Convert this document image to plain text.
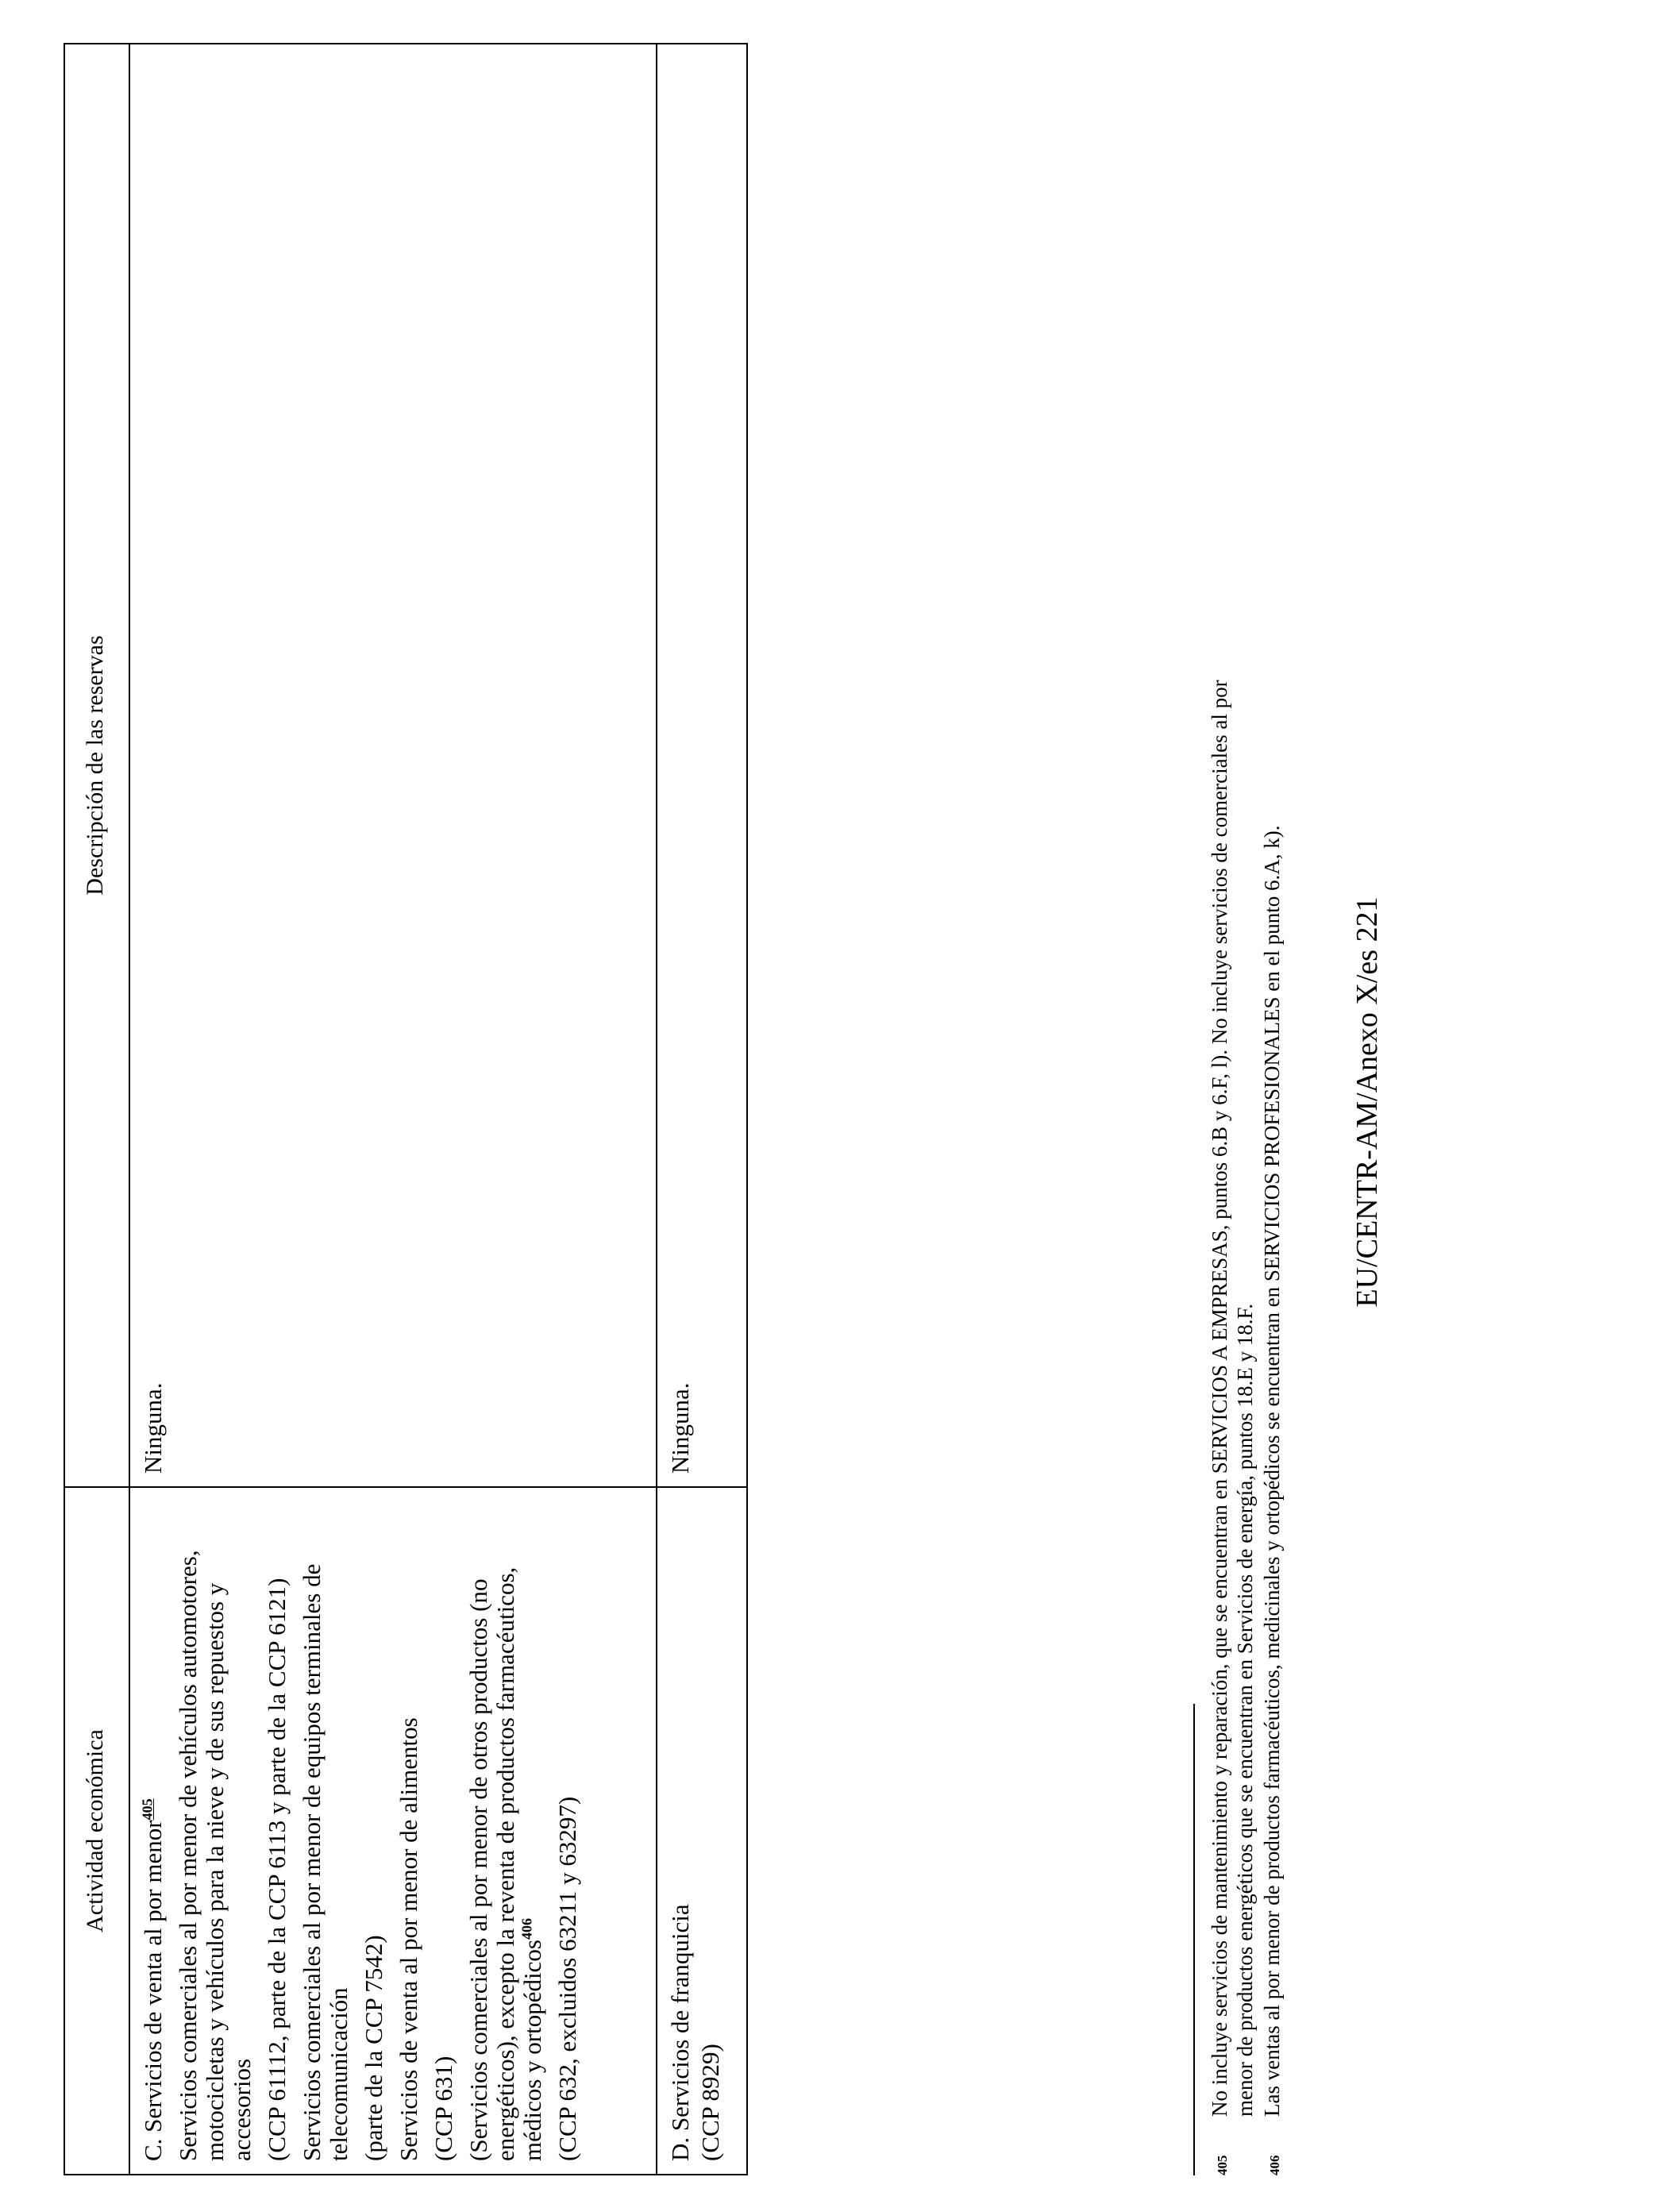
Actividad económica
Descripción de las reservas

C. Servicios de venta al por menor$^{405}$ Servicios comerciales al por menor de vehículos automotores, motocicletas y vehículos para la nieve y de sus repuestos y accesorios (CCP 61112, parte de la CCP 6113 y parte de la CCP 6121) Servicios comerciales al por menor de equipos terminales de telecomunicación (parte de la CCP 7542) Servicios de venta al por menor de alimentos (CCP 631) (Servicios comerciales al por menor de otros productos (no energéticos), excepto la reventa de productos farmacéuticos, médicos y ortopédicos$^{406}$ (CCP 632, excluidos 63211 y 63297)

Ninguna.

D. Servicios de franquicia (CCP 8929)

Ninguna.
405
No incluye servicios de mantenimiento y reparación, que se encuentran en SERVICIOS A EMPRESAS, puntos 6.B y 6.F, l). No incluye servicios de comerciales al por menor de productos energéticos que se encuentran en Servicios de energía, puntos 18.E y 18.F.
406
Las ventas al por menor de productos farmacéuticos, medicinales y ortopédicos se encuentran en SERVICIOS PROFESIONALES en el punto 6.A, k). EU/CENTR-AM/Anexo X/es 221
